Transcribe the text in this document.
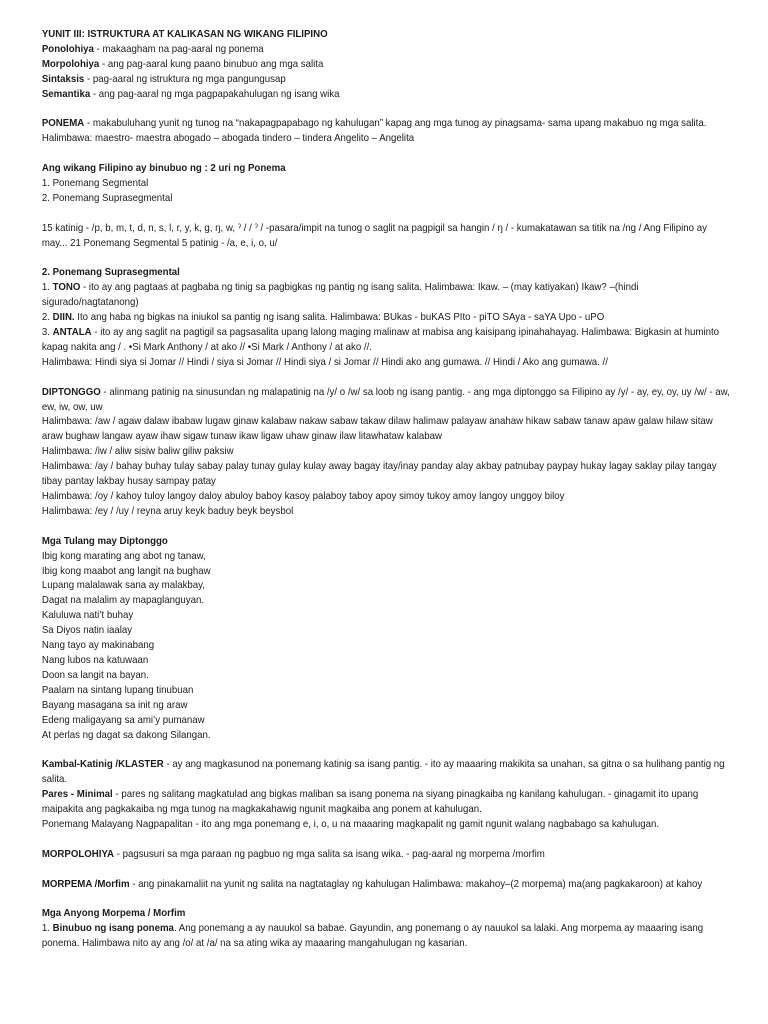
YUNIT III: ISTRUKTURA AT KALIKASAN NG WIKANG FILIPINO

Ponolohiya - makaagham na pag-aaral ng ponema

Morpolohiya - ang pag-aaral kung paano binubuo ang mga salita

Sintaksis - pag-aaral ng istruktura ng mga pangungusap

Semantika - ang pag-aaral ng mga pagpapakahulugan ng isang wika

PONEMA - makabuluhang yunit ng tunog na “nakapagpapabago ng kahulugan” kapag ang mga tunog ay pinagsama- sama upang makabuo ng mga salita. Halimbawa: maestro- maestra abogado – abogada tindero – tindera Angelito – Angelita

Ang wikang Filipino ay binubuo ng : 2 uri ng Ponema

1. Ponemang Segmental

2. Ponemang Suprasegmental

15 katinig - /p, b, m, t, d, n, s, l, r, y, k, g, ŋ, w, ˀ / / ˀ / -pasara/impit na tunog o saglit na pagpigil sa hangin / ŋ / - kumakatawan sa titik na /ng / Ang Filipino ay may... 21 Ponemang Segmental 5 patinig - /a, e, i, o, u/

2. Ponemang Suprasegmental

1. TONO - ito ay ang pagtaas at pagbaba ng tinig sa pagbigkas ng pantig ng isang salita. Halimbawa: Ikaw. – (may katiyakan) Ikaw? –(hindi sigurado/nagtatanong)

2. DIIN. Ito ang haba ng bigkas na iniukol sa pantig ng isang salita. Halimbawa: BUkas - buKAS PIto - piTO SAya - saYA Upo - uPO

3. ANTALA - ito ay ang saglit na pagtigil sa pagsasalita upang lalong maging malinaw at mabisa ang kaisipang ipinahahayag. Halimbawa: Bigkasin at huminto kapag nakita ang / . •Si Mark Anthony / at ako // •Si Mark / Anthony / at ako //.

Halimbawa: Hindi siya si Jomar // Hindi / siya si Jomar // Hindi siya / si Jomar // Hindi ako ang gumawa. // Hindi / Ako ang gumawa. //

DIPTONGGO - alinmang patinig na sinusundan ng malapatinig na /y/ o /w/ sa loob ng isang pantig. - ang mga diptonggo sa Filipino ay /y/ - ay, ey, oy, uy /w/ - aw, ew, iw, ow, uw

Halimbawa: /aw / agaw dalaw ibabaw lugaw ginaw kalabaw nakaw sabaw takaw dilaw halimaw palayaw anahaw hikaw sabaw tanaw apaw galaw hilaw sitaw araw bughaw langaw ayaw ihaw sigaw tunaw ikaw ligaw uhaw ginaw ilaw litawhataw kalabaw

Halimbawa: /iw / aliw sisiw baliw giliw paksiw

Halimbawa: /ay / bahay buhay tulay sabay palay tunay gulay kulay away bagay itay/inay panday alay akbay patnubay paypay hukay lagay saklay pilay tangay tibay pantay lakbay husay sampay patay

Halimbawa: /oy / kahoy tuloy langoy daloy abuloy baboy kasoy palaboy taboy apoy simoy tukoy amoy langoy unggoy biloy

Halimbawa: /ey / /uy / reyna aruy keyk baduy beyk beysbol

Mga Tulang may Diptonggo

Ibig kong marating ang abot ng tanaw,

Ibig kong maabot ang langit na bughaw

Lupang malalawak sana ay malakbay,

Dagat na malalim ay mapaglanguyan.

Kaluluwa nati’t buhay

Sa Diyos natin iaalay

Nang tayo ay makinabang

Nang lubos na katuwaan

Doon sa langit na bayan.

Paalam na sintang lupang tinubuan

Bayang masagana sa init ng araw

Edeng maligayang sa ami’y pumanaw

At perlas ng dagat sa dakong Silangan.

Kambal-Katinig /KLASTER - ay ang magkasunod na ponemang katinig sa isang pantig. - ito ay maaaring makikita sa unahan, sa gitna o sa hulihang pantig ng salita.

Pares - Minimal - pares ng salitang magkatulad ang bigkas maliban sa isang ponema na siyang pinagkaiba ng kanilang kahulugan. - ginagamit ito upang maipakita ang pagkakaiba ng mga tunog na magkakahawig ngunit magkaiba ang ponem at kahulugan.

Ponemang Malayang Nagpapalitan - ito ang mga ponemang e, i, o, u na maaaring magkapalit ng gamit ngunit walang nagbabago sa kahulugan.

MORPOLOHIYA - pagsusuri sa mga paraan ng pagbuo ng mga salita sa isang wika. - pag-aaral ng morpema /morfim

MORPEMA /Morfim - ang pinakamaliit na yunit ng salita na nagtataglay ng kahulugan Halimbawa: makahoy–(2 morpema) ma(ang pagkakaroon) at kahoy

Mga Anyong Morpema / Morfim

1. Binubuo ng isang ponema. Ang ponemang a ay nauukol sa babae. Gayundin, ang ponemang o ay nauukol sa lalaki. Ang morpema ay maaaring isang ponema. Halimbawa nito ay ang /o/ at /a/ na sa ating wika ay maaaring mangahulugan ng kasarian.
